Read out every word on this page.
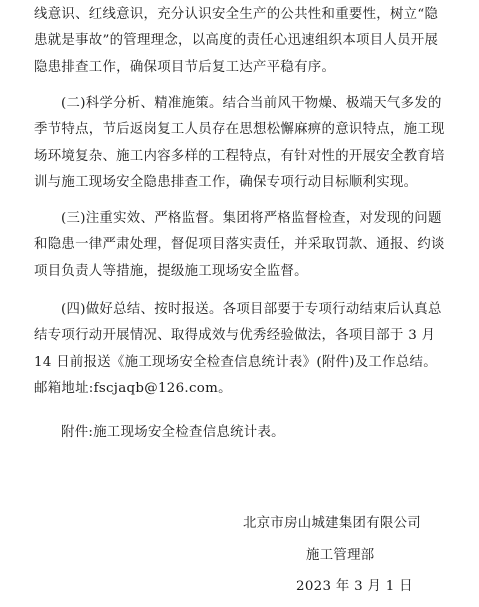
线意识、红线意识，充分认识安全生产的公共性和重要性，树立“隐
患就是事故”的管理理念，以高度的责任心迅速组织本项目人员开展
隐患排查工作，确保项目节后复工达产平稳有序。
(二)科学分析、精准施策。结合当前风干物燥、极端天气多发的
季节特点，节后返岗复工人员存在思想松懈麻痹的意识特点，施工现
场环境复杂、施工内容多样的工程特点，有针对性的开展安全教育培
训与施工现场安全隐患排查工作，确保专项行动目标顺利实现。
(三)注重实效、严格监督。集团将严格监督检查，对发现的问题
和隐患一律严肃处理，督促项目落实责任，并采取罚款、通报、约谈
项目负责人等措施，提级施工现场安全监督。
(四)做好总结、按时报送。各项目部要于专项行动结束后认真总
结专项行动开展情况、取得成效与优秀经验做法，各项目部于 3 月
14 日前报送《施工现场安全检查信息统计表》(附件)及工作总结。
邮箱地址:fscjaqb@126.com。
附件:施工现场安全检查信息统计表。

北京市房山城建集团有限公司

施工管理部

2023 年 3 月 1 日
